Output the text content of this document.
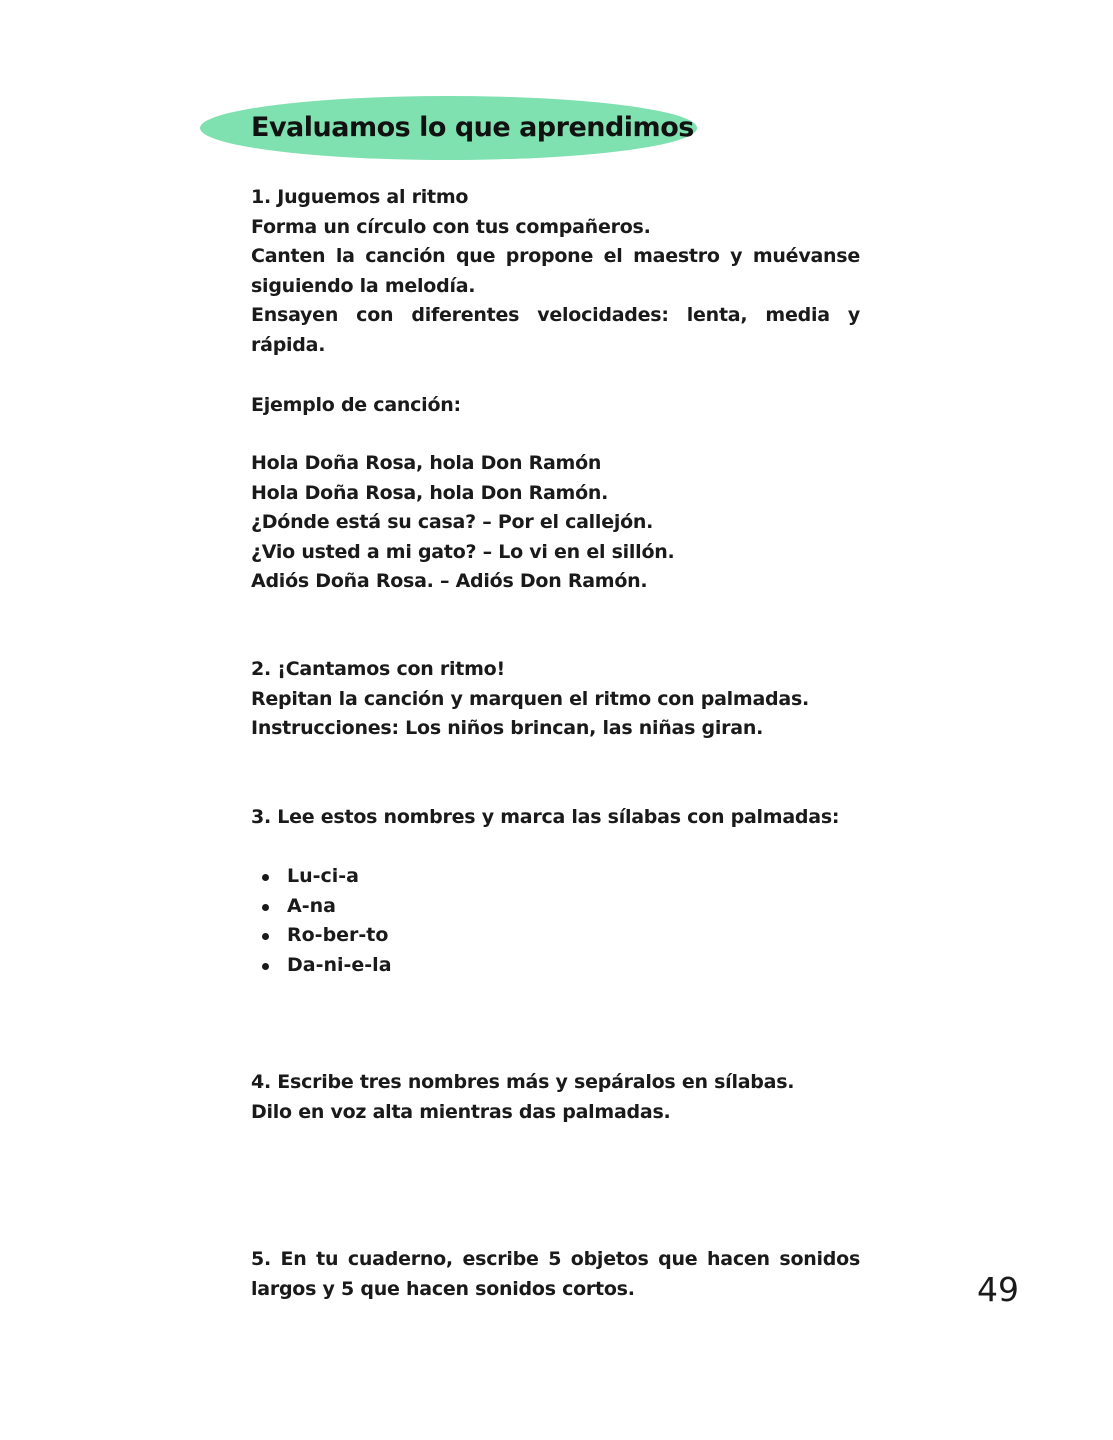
Evaluamos lo que aprendimos
1. Juguemos al ritmo
Forma un círculo con tus compañeros.
Canten la canción que propone el maestro y muévanse siguiendo la melodía.
Ensayen con diferentes velocidades: lenta, media y rápida.
Ejemplo de canción:
Hola Doña Rosa, hola Don Ramón
Hola Doña Rosa, hola Don Ramón.
¿Dónde está su casa? – Por el callejón.
¿Vio usted a mi gato? – Lo vi en el sillón.
Adiós Doña Rosa. – Adiós Don Ramón.
2. ¡Cantamos con ritmo!
Repitan la canción y marquen el ritmo con palmadas.
Instrucciones: Los niños brincan, las niñas giran.
3. Lee estos nombres y marca las sílabas con palmadas:
Lu-ci-a
A-na
Ro-ber-to
Da-ni-e-la
4. Escribe tres nombres más y sepáralos en sílabas.
Dilo en voz alta mientras das palmadas.
5. En tu cuaderno, escribe 5 objetos que hacen sonidos largos y 5 que hacen sonidos cortos.	49
